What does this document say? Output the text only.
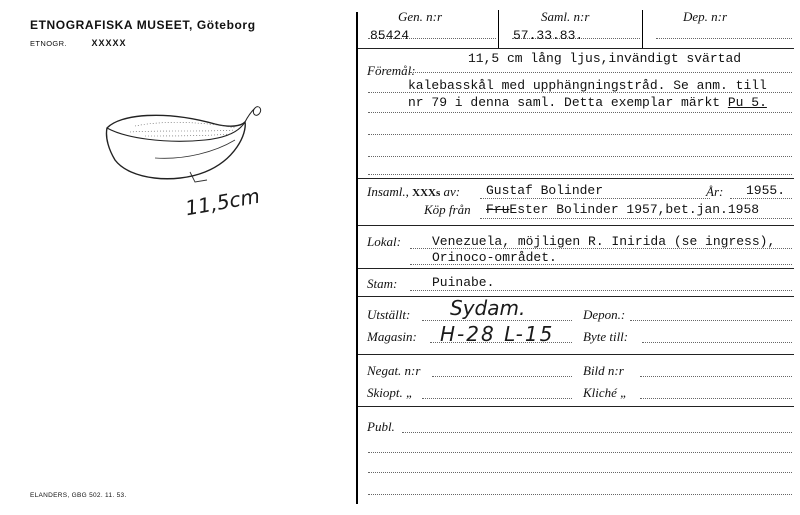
ETNOGRAFISKA MUSEET, Göteborg
ETNOGR.	XXXXX
11,5cm
ELANDERS, GBG 502. 11. 53.
Gen. n:r	Saml. n:r	Dep. n:r
85424	57.33.83.
Föremål:
11,5 cm lång ljus,invändigt svärtad
kalebasskål med upphängningstråd. Se anm. till
nr 79 i denna saml. Detta exemplar märkt Pu 5.
Insaml., XXXs av: Gustaf Bolinder	År: 1955.
Köp från FruEster Bolinder 1957,bet.jan.1958
Lokal: Venezuela, möjligen R. Inirida (se ingress),
Orinoco-området.
Stam:	Puinabe.
Utställt: Sydam.	Depon.:
Magasin: H-28 L-15 Byte till:
Negat. n:r	Bild n:r
Skiopt. „	Kliché „
Publ.
